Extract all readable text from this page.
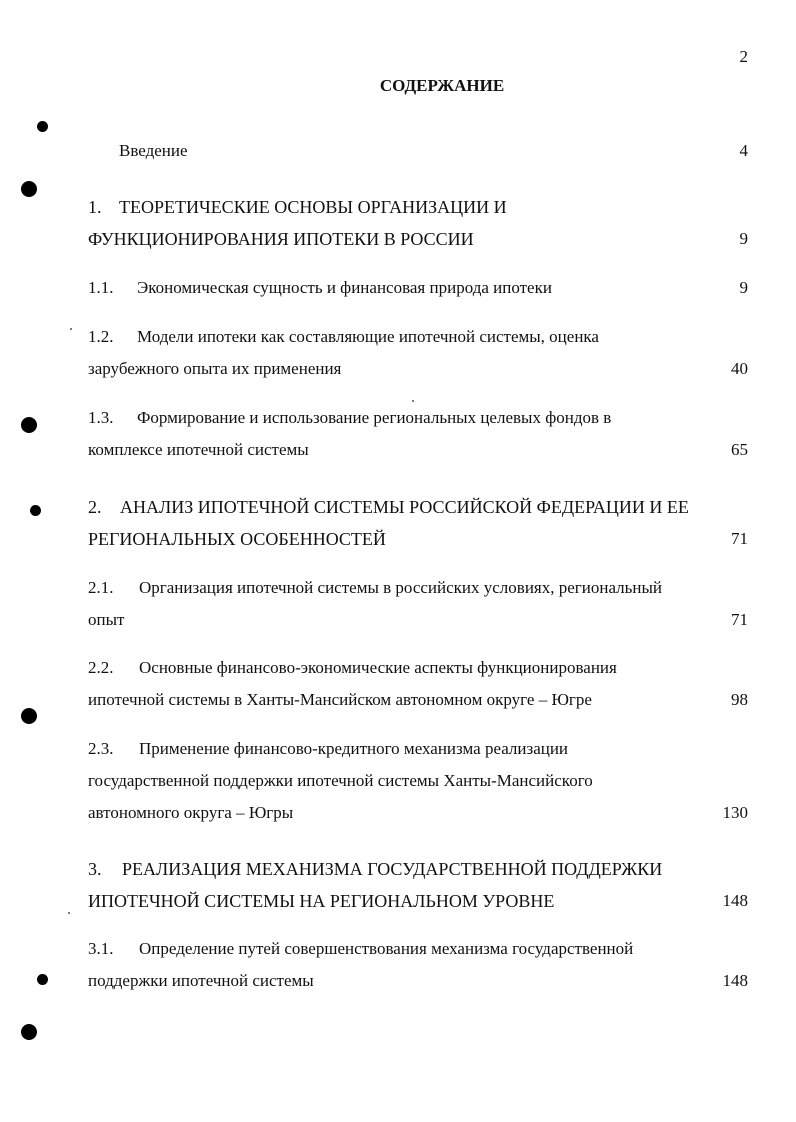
2
СОДЕРЖАНИЕ
Введение	4
1. ТЕОРЕТИЧЕСКИЕ ОСНОВЫ ОРГАНИЗАЦИИ И
ФУНКЦИОНИРОВАНИЯ ИПОТЕКИ В РОССИИ	9
1.1. Экономическая сущность и финансовая природа ипотеки	9
1.2. Модели ипотеки как составляющие ипотечной системы, оценка
зарубежного опыта их применения	40
1.3. Формирование и использование региональных целевых фондов в
комплексе ипотечной системы	65
2. АНАЛИЗ ИПОТЕЧНОЙ СИСТЕМЫ РОССИЙСКОЙ ФЕДЕРАЦИИ И ЕЕ
РЕГИОНАЛЬНЫХ ОСОБЕННОСТЕЙ	71
2.1. Организация ипотечной системы в российских условиях, региональный
опыт	71
2.2. Основные финансово-экономические аспекты функционирования
ипотечной системы в Ханты-Мансийском автономном округе – Югре	98
2.3. Применение финансово-кредитного механизма реализации
государственной поддержки ипотечной системы Ханты-Мансийского
автономного округа – Югры	130
3. РЕАЛИЗАЦИЯ МЕХАНИЗМА ГОСУДАРСТВЕННОЙ ПОДДЕРЖКИ
ИПОТЕЧНОЙ СИСТЕМЫ НА РЕГИОНАЛЬНОМ УРОВНЕ	148
3.1. Определение путей совершенствования механизма государственной
поддержки ипотечной системы	148
